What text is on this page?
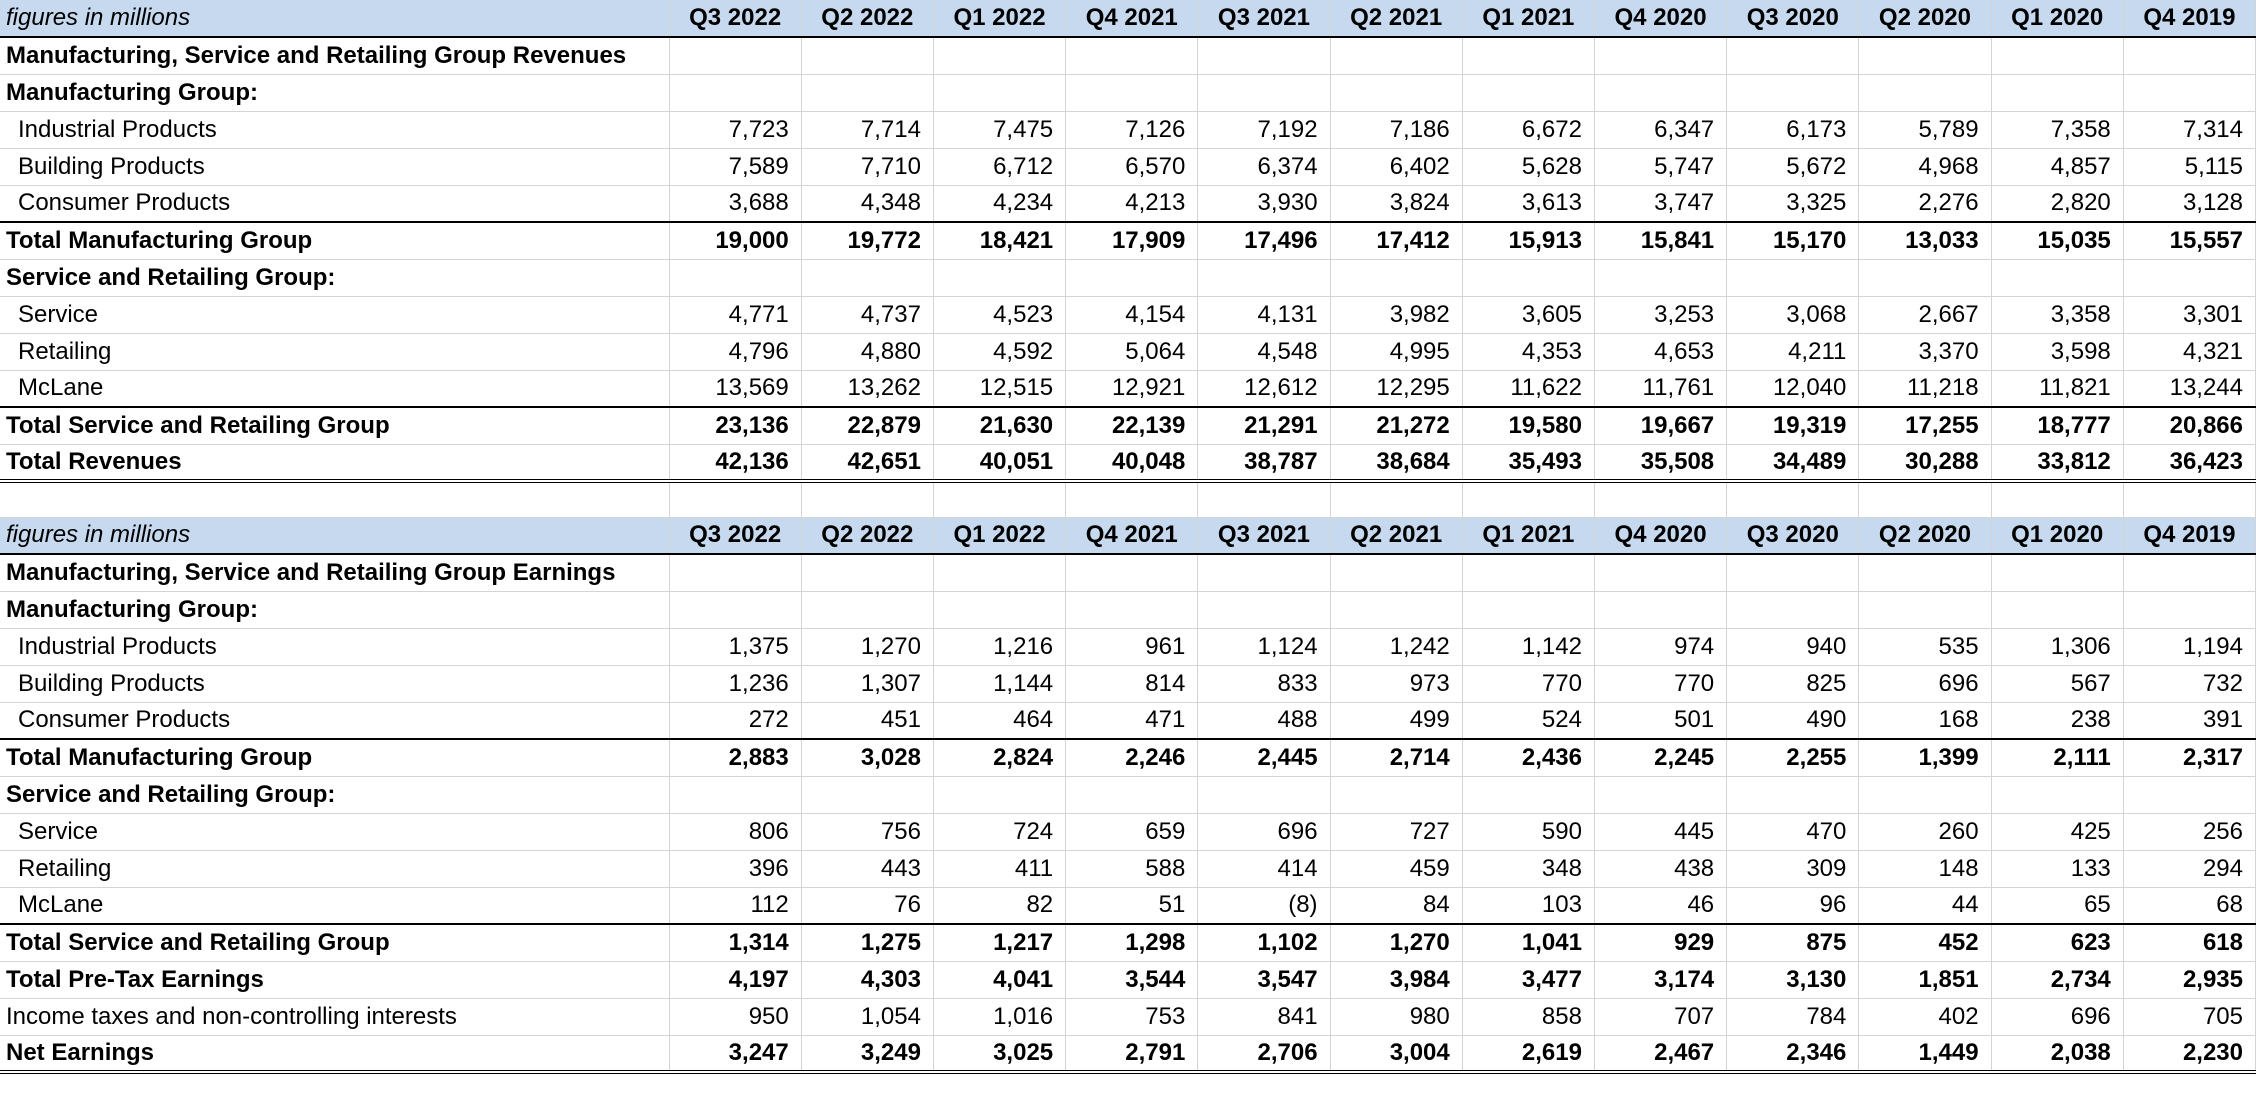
figures in millions	Q3 2022	Q2 2022	Q1 2022	Q4 2021	Q3 2021	Q2 2021	Q1 2021	Q4 2020	Q3 2020	Q2 2020	Q1 2020	Q4 2019
Manufacturing, Service and Retailing Group Revenues												
Manufacturing Group:												
Industrial Products	7,723	7,714	7,475	7,126	7,192	7,186	6,672	6,347	6,173	5,789	7,358	7,314
Building Products	7,589	7,710	6,712	6,570	6,374	6,402	5,628	5,747	5,672	4,968	4,857	5,115
Consumer Products	3,688	4,348	4,234	4,213	3,930	3,824	3,613	3,747	3,325	2,276	2,820	3,128
Total Manufacturing Group	19,000	19,772	18,421	17,909	17,496	17,412	15,913	15,841	15,170	13,033	15,035	15,557
Service and Retailing Group:												
Service	4,771	4,737	4,523	4,154	4,131	3,982	3,605	3,253	3,068	2,667	3,358	3,301
Retailing	4,796	4,880	4,592	5,064	4,548	4,995	4,353	4,653	4,211	3,370	3,598	4,321
McLane	13,569	13,262	12,515	12,921	12,612	12,295	11,622	11,761	12,040	11,218	11,821	13,244
Total Service and Retailing Group	23,136	22,879	21,630	22,139	21,291	21,272	19,580	19,667	19,319	17,255	18,777	20,866
Total Revenues	42,136	42,651	40,051	40,048	38,787	38,684	35,493	35,508	34,489	30,288	33,812	36,423

figures in millions	Q3 2022	Q2 2022	Q1 2022	Q4 2021	Q3 2021	Q2 2021	Q1 2021	Q4 2020	Q3 2020	Q2 2020	Q1 2020	Q4 2019
Manufacturing, Service and Retailing Group Earnings												
Manufacturing Group:												
Industrial Products	1,375	1,270	1,216	961	1,124	1,242	1,142	974	940	535	1,306	1,194
Building Products	1,236	1,307	1,144	814	833	973	770	770	825	696	567	732
Consumer Products	272	451	464	471	488	499	524	501	490	168	238	391
Total Manufacturing Group	2,883	3,028	2,824	2,246	2,445	2,714	2,436	2,245	2,255	1,399	2,111	2,317
Service and Retailing Group:												
Service	806	756	724	659	696	727	590	445	470	260	425	256
Retailing	396	443	411	588	414	459	348	438	309	148	133	294
McLane	112	76	82	51	(8)	84	103	46	96	44	65	68
Total Service and Retailing Group	1,314	1,275	1,217	1,298	1,102	1,270	1,041	929	875	452	623	618
Total Pre-Tax Earnings	4,197	4,303	4,041	3,544	3,547	3,984	3,477	3,174	3,130	1,851	2,734	2,935
Income taxes and non-controlling interests	950	1,054	1,016	753	841	980	858	707	784	402	696	705
Net Earnings	3,247	3,249	3,025	2,791	2,706	3,004	2,619	2,467	2,346	1,449	2,038	2,230
